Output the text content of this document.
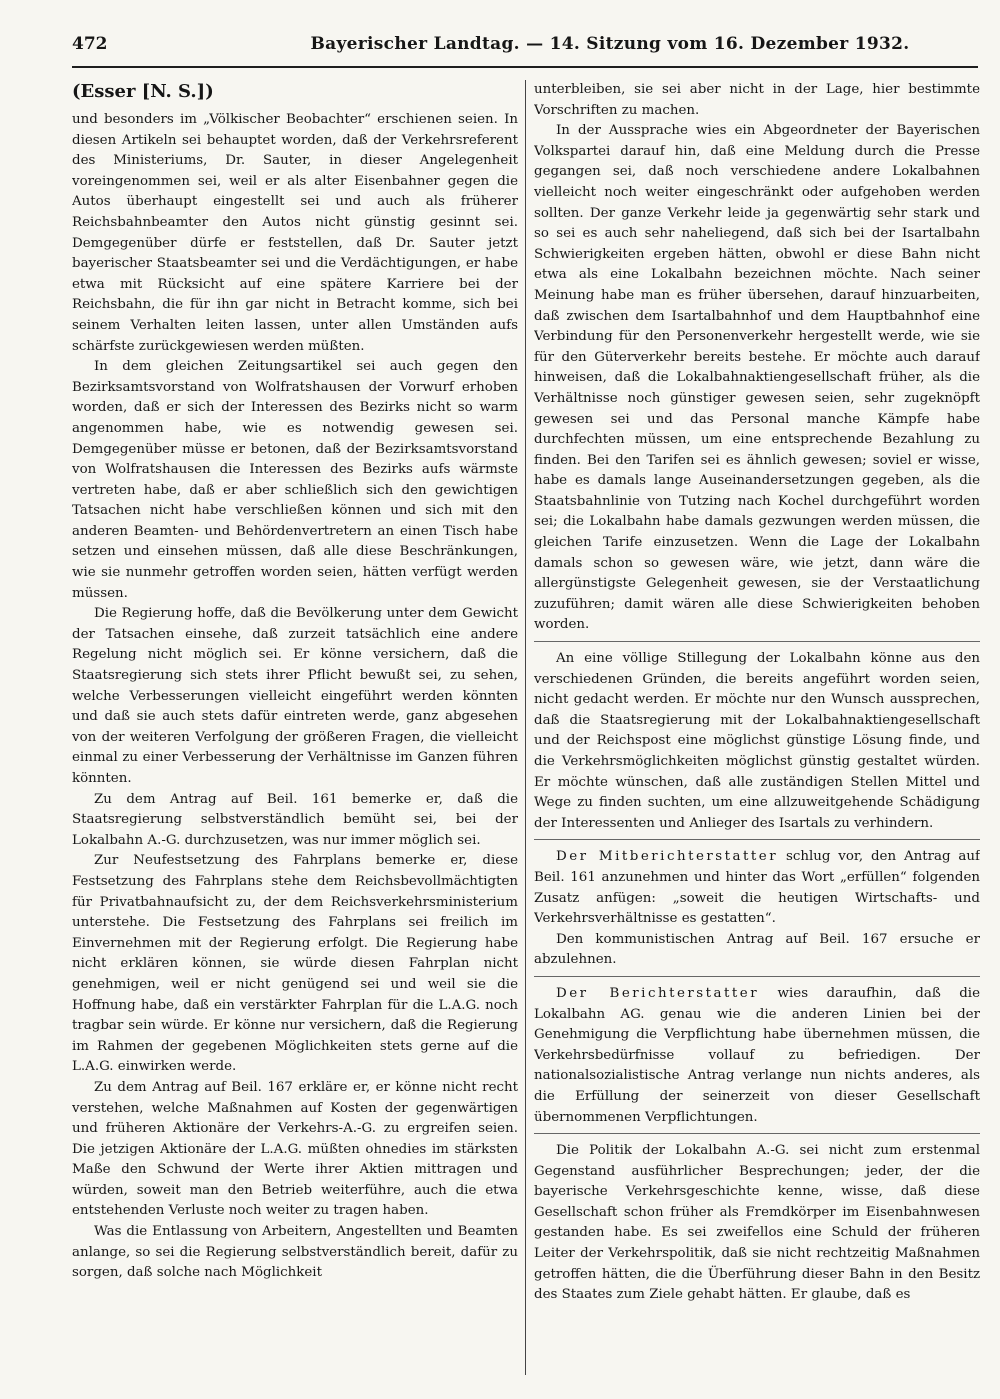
472	Bayerischer Landtag. — 14. Sitzung vom 16. Dezember 1932.
(Esser [N. S.])

und besonders im „Völkischer Beobachter“ erschienen seien. In diesen Artikeln sei behauptet worden, daß der Verkehrsreferent des Ministeriums, Dr. Sauter, in dieser Angelegenheit voreingenommen sei, weil er als alter Eisenbahner gegen die Autos überhaupt eingestellt sei und auch als früherer Reichsbahnbeamter den Autos nicht günstig gesinnt sei. Demgegenüber dürfe er feststellen, daß Dr. Sauter jetzt bayerischer Staatsbeamter sei und die Verdächtigungen, er habe etwa mit Rücksicht auf eine spätere Karriere bei der Reichsbahn, die für ihn gar nicht in Betracht komme, sich bei seinem Verhalten leiten lassen, unter allen Umständen aufs schärfste zurückgewiesen werden müßten.

In dem gleichen Zeitungsartikel sei auch gegen den Bezirksamtsvorstand von Wolfratshausen der Vorwurf erhoben worden, daß er sich der Interessen des Bezirks nicht so warm angenommen habe, wie es notwendig gewesen sei. Demgegenüber müsse er betonen, daß der Bezirksamtsvorstand von Wolfratshausen die Interessen des Bezirks aufs wärmste vertreten habe, daß er aber schließlich sich den gewichtigen Tatsachen nicht habe verschließen können und sich mit den anderen Beamten- und Behördenvertretern an einen Tisch habe setzen und einsehen müssen, daß alle diese Beschränkungen, wie sie nunmehr getroffen worden seien, hätten verfügt werden müssen.

Die Regierung hoffe, daß die Bevölkerung unter dem Gewicht der Tatsachen einsehe, daß zurzeit tatsächlich eine andere Regelung nicht möglich sei. Er könne versichern, daß die Staatsregierung sich stets ihrer Pflicht bewußt sei, zu sehen, welche Verbesserungen vielleicht eingeführt werden könnten und daß sie auch stets dafür eintreten werde, ganz abgesehen von der weiteren Verfolgung der größeren Fragen, die vielleicht einmal zu einer Verbesserung der Verhältnisse im Ganzen führen könnten.

Zu dem Antrag auf Beil. 161 bemerke er, daß die Staatsregierung selbstverständlich bemüht sei, bei der Lokalbahn A.-G. durchzusetzen, was nur immer möglich sei.

Zur Neufestsetzung des Fahrplans bemerke er, diese Festsetzung des Fahrplans stehe dem Reichsbevollmächtigten für Privatbahnaufsicht zu, der dem Reichsverkehrsministerium unterstehe. Die Festsetzung des Fahrplans sei freilich im Einvernehmen mit der Regierung erfolgt. Die Regierung habe nicht erklären können, sie würde diesen Fahrplan nicht genehmigen, weil er nicht genügend sei und weil sie die Hoffnung habe, daß ein verstärkter Fahrplan für die L.A.G. noch tragbar sein würde. Er könne nur versichern, daß die Regierung im Rahmen der gegebenen Möglichkeiten stets gerne auf die L.A.G. einwirken werde.

Zu dem Antrag auf Beil. 167 erkläre er, er könne nicht recht verstehen, welche Maßnahmen auf Kosten der gegenwärtigen und früheren Aktionäre der Verkehrs-A.-G. zu ergreifen seien. Die jetzigen Aktionäre der L.A.G. müßten ohnedies im stärksten Maße den Schwund der Werte ihrer Aktien mittragen und würden, soweit man den Betrieb weiterführe, auch die etwa entstehenden Verluste noch weiter zu tragen haben.

Was die Entlassung von Arbeitern, Angestellten und Beamten anlange, so sei die Regierung selbstverständlich bereit, dafür zu sorgen, daß solche nach Möglichkeit

unterbleiben, sie sei aber nicht in der Lage, hier bestimmte Vorschriften zu machen.

In der Aussprache wies ein Abgeordneter der Bayerischen Volkspartei darauf hin, daß eine Meldung durch die Presse gegangen sei, daß noch verschiedene andere Lokalbahnen vielleicht noch weiter eingeschränkt oder aufgehoben werden sollten. Der ganze Verkehr leide ja gegenwärtig sehr stark und so sei es auch sehr naheliegend, daß sich bei der Isartalbahn Schwierigkeiten ergeben hätten, obwohl er diese Bahn nicht etwa als eine Lokalbahn bezeichnen möchte. Nach seiner Meinung habe man es früher übersehen, darauf hinzuarbeiten, daß zwischen dem Isartalbahnhof und dem Hauptbahnhof eine Verbindung für den Personenverkehr hergestellt werde, wie sie für den Güterverkehr bereits bestehe. Er möchte auch darauf hinweisen, daß die Lokalbahnaktiengesellschaft früher, als die Verhältnisse noch günstiger gewesen seien, sehr zugeknöpft gewesen sei und das Personal manche Kämpfe habe durchfechten müssen, um eine entsprechende Bezahlung zu finden. Bei den Tarifen sei es ähnlich gewesen; soviel er wisse, habe es damals lange Auseinandersetzungen gegeben, als die Staatsbahnlinie von Tutzing nach Kochel durchgeführt worden sei; die Lokalbahn habe damals gezwungen werden müssen, die gleichen Tarife einzusetzen. Wenn die Lage der Lokalbahn damals schon so gewesen wäre, wie jetzt, dann wäre die allergünstigste Gelegenheit gewesen, sie der Verstaatlichung zuzuführen; damit wären alle diese Schwierigkeiten behoben worden.

An eine völlige Stillegung der Lokalbahn könne aus den verschiedenen Gründen, die bereits angeführt worden seien, nicht gedacht werden. Er möchte nur den Wunsch aussprechen, daß die Staatsregierung mit der Lokalbahnaktiengesellschaft und der Reichspost eine möglichst günstige Lösung finde, und die Verkehrsmöglichkeiten möglichst günstig gestaltet würden. Er möchte wünschen, daß alle zuständigen Stellen Mittel und Wege zu finden suchten, um eine allzuweitgehende Schädigung der Interessenten und Anlieger des Isartals zu verhindern.

Der Mitberichterstatter schlug vor, den Antrag auf Beil. 161 anzunehmen und hinter das Wort „erfüllen“ folgenden Zusatz anfügen: „soweit die heutigen Wirtschafts- und Verkehrsverhältnisse es gestatten“.

Den kommunistischen Antrag auf Beil. 167 ersuche er abzulehnen.

Der Berichterstatter wies daraufhin, daß die Lokalbahn AG. genau wie die anderen Linien bei der Genehmigung die Verpflichtung habe übernehmen müssen, die Verkehrsbedürfnisse vollauf zu befriedigen. Der nationalsozialistische Antrag verlange nun nichts anderes, als die Erfüllung der seinerzeit von dieser Gesellschaft übernommenen Verpflichtungen.

Die Politik der Lokalbahn A.-G. sei nicht zum erstenmal Gegenstand ausführlicher Besprechungen; jeder, der die bayerische Verkehrsgeschichte kenne, wisse, daß diese Gesellschaft schon früher als Fremdkörper im Eisenbahnwesen gestanden habe. Es sei zweifellos eine Schuld der früheren Leiter der Verkehrspolitik, daß sie nicht rechtzeitig Maßnahmen getroffen hätten, die die Überführung dieser Bahn in den Besitz des Staates zum Ziele gehabt hätten. Er glaube, daß es
